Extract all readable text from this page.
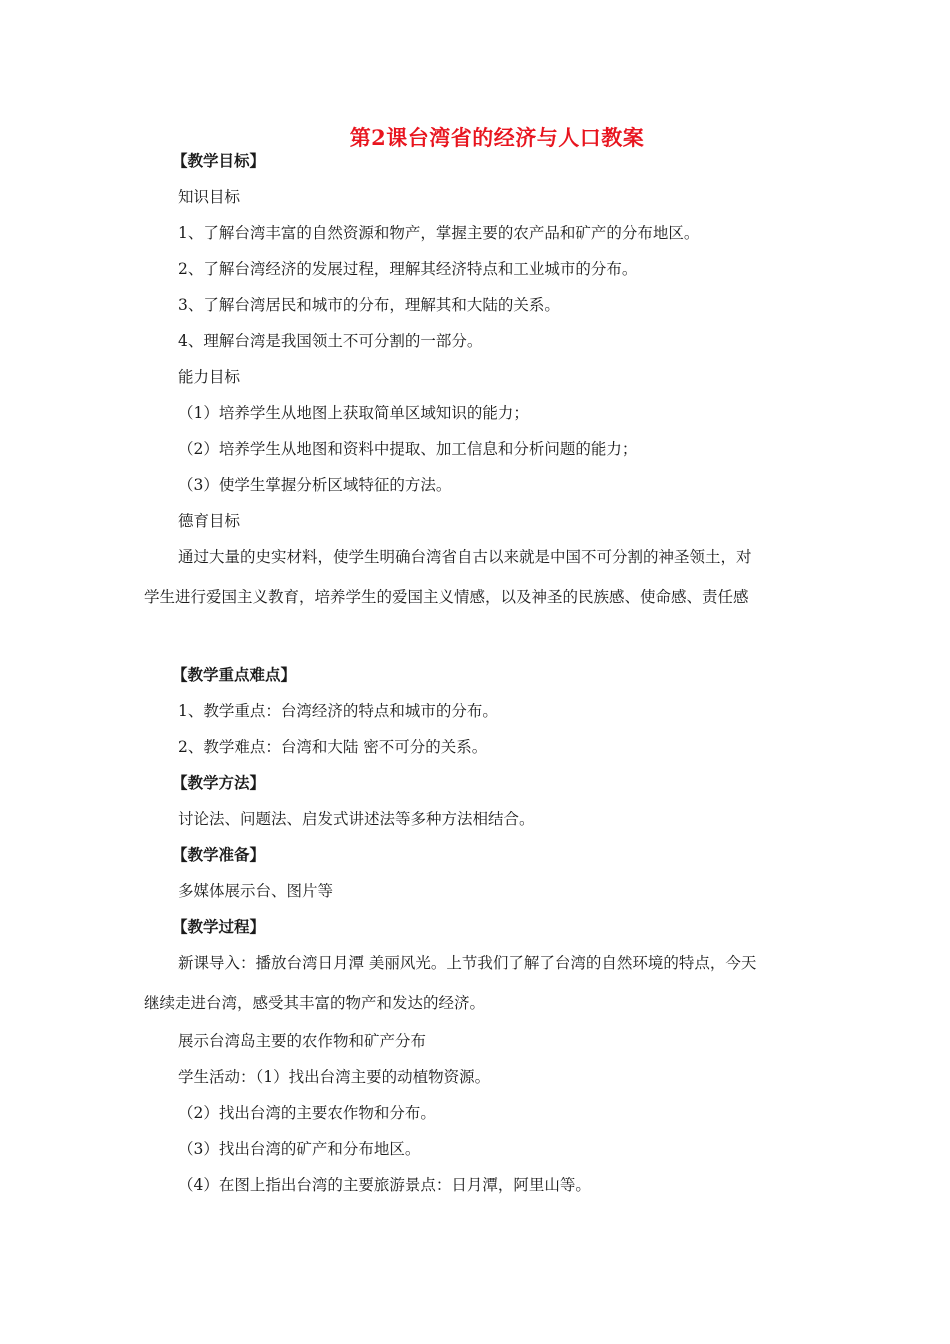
第2课台湾省的经济与人口教案
【教学目标】
知识目标
1、了解台湾丰富的自然资源和物产，掌握主要的农产品和矿产的分布地区。
2、了解台湾经济的发展过程，理解其经济特点和工业城市的分布。
3、了解台湾居民和城市的分布，理解其和大陆的关系。
4、理解台湾是我国领土不可分割的一部分。
能力目标
（1）培养学生从地图上获取简单区域知识的能力；
（2）培养学生从地图和资料中提取、加工信息和分析问题的能力；
（3）使学生掌握分析区域特征的方法。
德育目标
通过大量的史实材料，使学生明确台湾省自古以来就是中国不可分割的神圣领土，对
学生进行爱国主义教育，培养学生的爱国主义情感，以及神圣的民族感、使命感、责任感
【教学重点难点】
1、教学重点：台湾经济的特点和城市的分布。
2、教学难点：台湾和大陆 密不可分的关系。
【教学方法】
讨论法、问题法、启发式讲述法等多种方法相结合。
【教学准备】
多媒体展示台、图片等
【教学过程】
新课导入：播放台湾日月潭 美丽风光。上节我们了解了台湾的自然环境的特点，今天
继续走进台湾，感受其丰富的物产和发达的经济。
展示台湾岛主要的农作物和矿产分布
学生活动：（1）找出台湾主要的动植物资源。
（2）找出台湾的主要农作物和分布。
（3）找出台湾的矿产和分布地区。
（4）在图上指出台湾的主要旅游景点：日月潭，阿里山等。
